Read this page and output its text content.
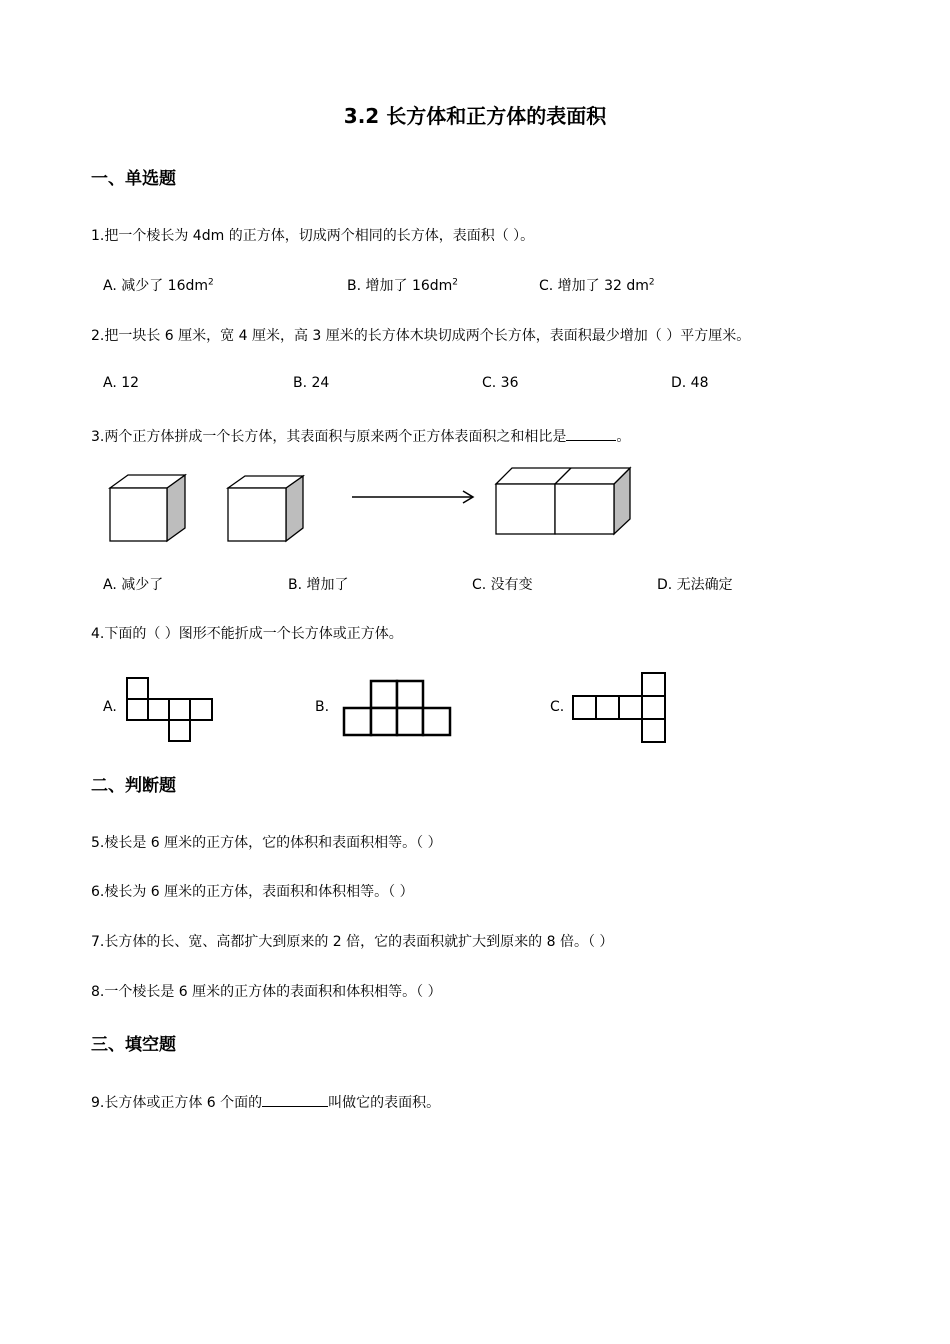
3.2 长方体和正方体的表面积
一、单选题
1.把一个棱长为 4dm 的正方体，切成两个相同的长方体，表面积（ ）。
A. 减少了 $16dm^2$	B. 增加了 $16dm^2$	C. 增加了 32 $dm^2$
2.把一块长 6 厘米，宽 4 厘米，高 3 厘米的长方体木块切成两个长方体，表面积最少增加（ ）平方厘米。
A. 12	B. 24	C. 36	D. 48
3.两个正方体拼成一个长方体，其表面积与原来两个正方体表面积之和相比是	。
A. 减少了	B. 增加了	C. 没有变	D. 无法确定
4.下面的（ ）图形不能折成一个长方体或正方体。
A.	B.	C.
二、判断题
5.棱长是 6 厘米的正方体，它的体积和表面积相等。（ ）
6.棱长为 6 厘米的正方体，表面积和体积相等。（ ）
7.长方体的长、宽、高都扩大到原来的 2 倍，它的表面积就扩大到原来的 8 倍。（ ）
8.一个棱长是 6 厘米的正方体的表面积和体积相等。（ ）
三、填空题
9.长方体或正方体 6 个面的	叫做它的表面积。
